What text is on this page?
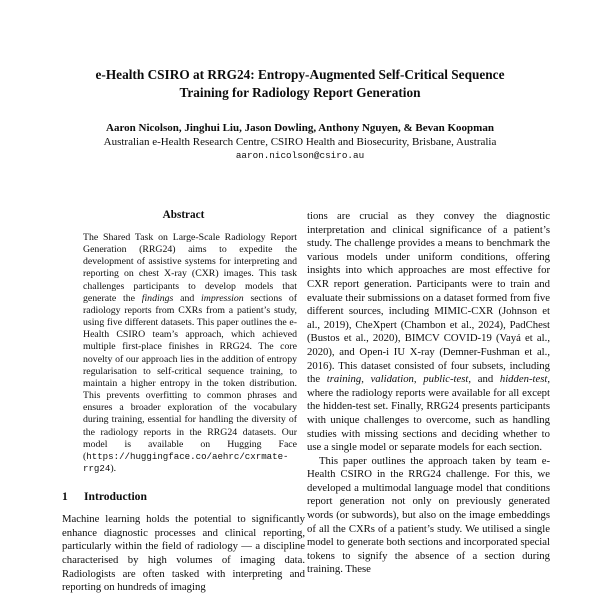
e-Health CSIRO at RRG24: Entropy-Augmented Self-Critical Sequence
Training for Radiology Report Generation
Aaron Nicolson, Jinghui Liu, Jason Dowling, Anthony Nguyen, & Bevan Koopman
Australian e-Health Research Centre, CSIRO Health and Biosecurity, Brisbane, Australia
aaron.nicolson@csiro.au
Abstract
The Shared Task on Large-Scale Radiology Report Generation (RRG24) aims to expedite the development of assistive systems for interpreting and reporting on chest X-ray (CXR) images. This task challenges participants to develop models that generate the findings and impression sections of radiology reports from CXRs from a patient’s study, using five different datasets. This paper outlines the e-Health CSIRO team’s approach, which achieved multiple first-place finishes in RRG24. The core novelty of our approach lies in the addition of entropy regularisation to self-critical sequence training, to maintain a higher entropy in the token distribution. This prevents overfitting to common phrases and ensures a broader exploration of the vocabulary during training, essential for handling the diversity of the radiology reports in the RRG24 datasets. Our model is available on Hugging Face (https://huggingface.co/aehrc/cxrmate-rrg24).
1 Introduction
Machine learning holds the potential to significantly enhance diagnostic processes and clinical reporting, particularly within the field of radiology — a discipline characterised by high volumes of imaging data. Radiologists are often tasked with interpreting and reporting on hundreds of imaging

tions are crucial as they convey the diagnostic interpretation and clinical significance of a patient’s study. The challenge provides a means to benchmark the various models under uniform conditions, offering insights into which approaches are most effective for CXR report generation. Participants were to train and evaluate their submissions on a dataset formed from five different sources, including MIMIC-CXR (Johnson et al., 2019), CheXpert (Chambon et al., 2024), PadChest (Bustos et al., 2020), BIMCV COVID-19 (Vayá et al., 2020), and Open-i IU X-ray (Demner-Fushman et al., 2016). This dataset consisted of four subsets, including the training, validation, public-test, and hidden-test, where the radiology reports were available for all except the hidden-test set. Finally, RRG24 presents participants with unique challenges to overcome, such as handling studies with missing sections and deciding whether to use a single model or separate models for each section.

This paper outlines the approach taken by team e-Health CSIRO in the RRG24 challenge. For this, we developed a multimodal language model that conditions report generation not only on previously generated words (or subwords), but also on the image embeddings of all the CXRs of a patient’s study. We utilised a single model to generate both sections and incorporated special tokens to signify the absence of a section during training. These
